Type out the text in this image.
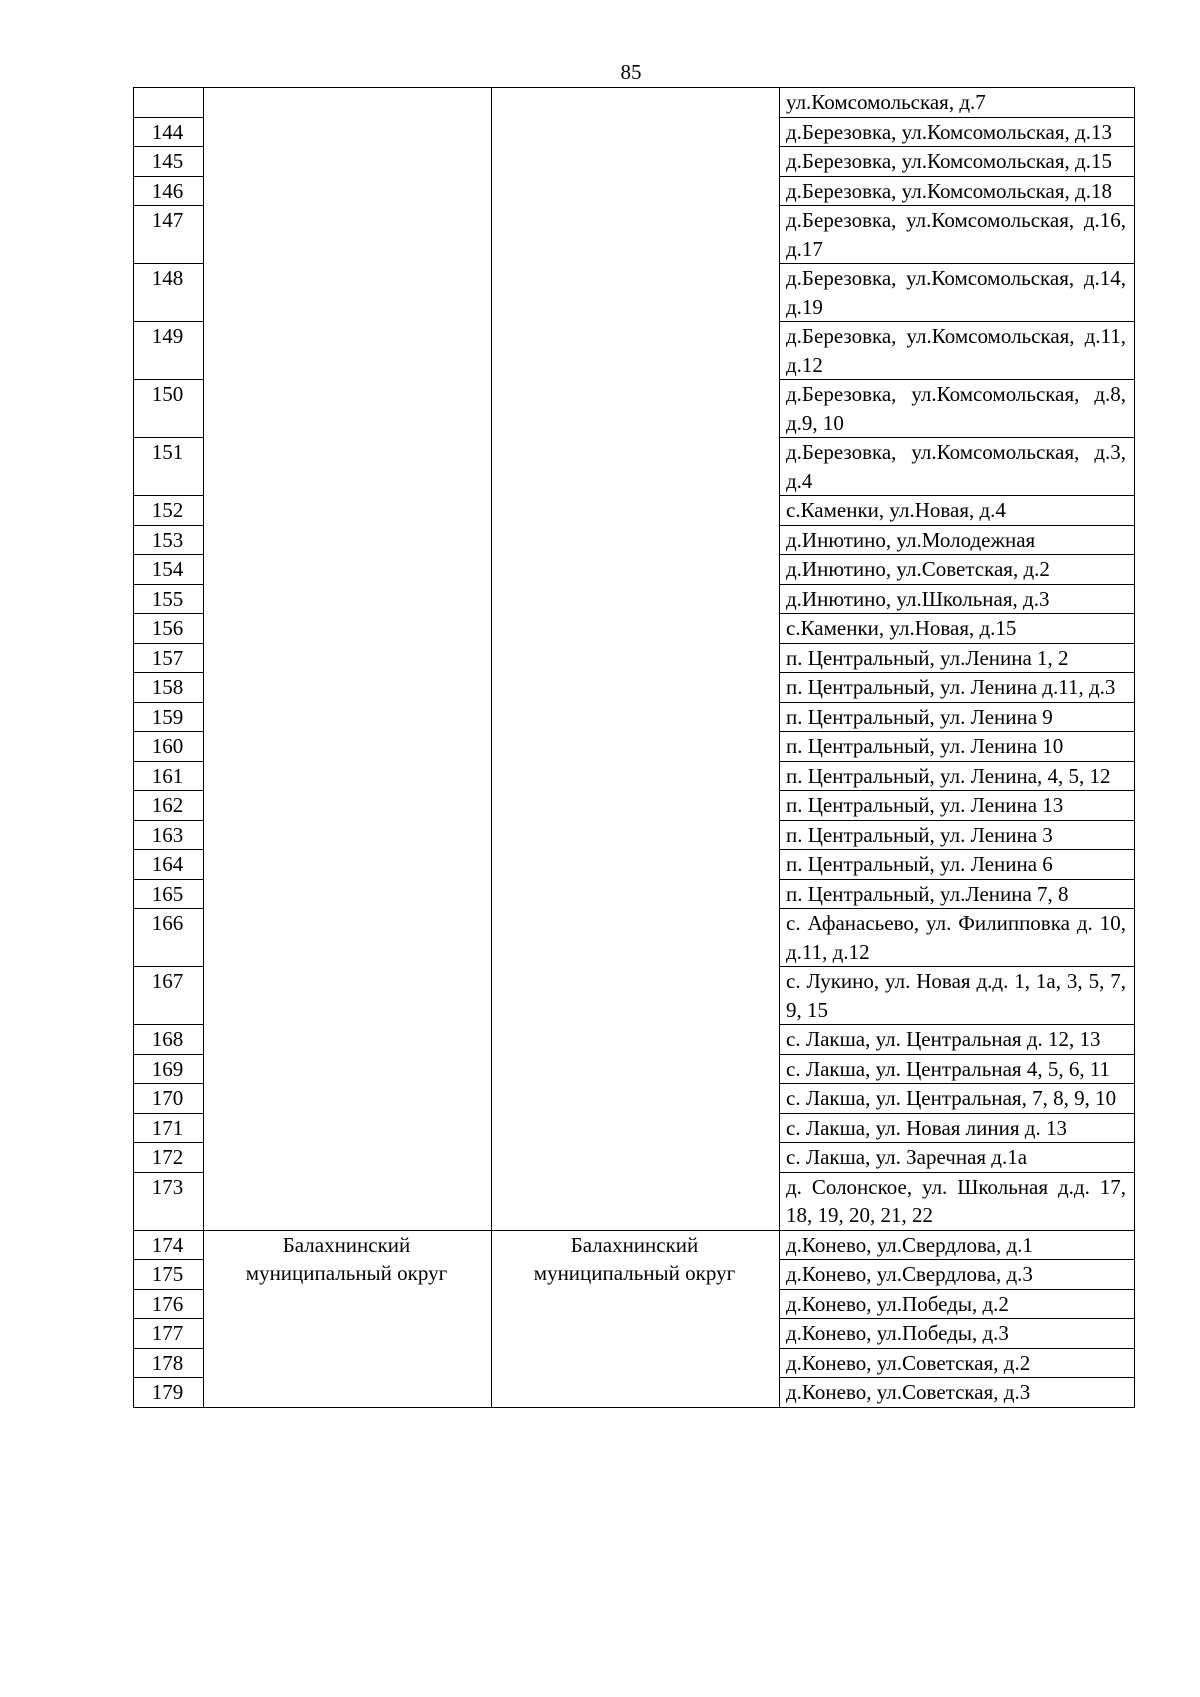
85
			ул.Комсомольская, д.7
144			д.Березовка, ул.Комсомольская, д.13
145			д.Березовка, ул.Комсомольская, д.15
146			д.Березовка, ул.Комсомольская, д.18
147			д.Березовка, ул.Комсомольская, д.16, д.17
148			д.Березовка, ул.Комсомольская, д.14, д.19
149			д.Березовка, ул.Комсомольская, д.11, д.12
150			д.Березовка, ул.Комсомольская, д.8, д.9, 10
151			д.Березовка, ул.Комсомольская, д.3, д.4
152			с.Каменки, ул.Новая, д.4
153			д.Инютино, ул.Молодежная
154			д.Инютино, ул.Советская, д.2
155			д.Инютино, ул.Школьная, д.3
156			с.Каменки, ул.Новая, д.15
157			п. Центральный, ул.Ленина 1, 2
158			п. Центральный, ул. Ленина д.11, д.3
159			п. Центральный, ул. Ленина 9
160			п. Центральный, ул. Ленина 10
161			п. Центральный, ул. Ленина, 4, 5, 12
162			п. Центральный, ул. Ленина 13
163			п. Центральный, ул. Ленина 3
164			п. Центральный, ул. Ленина 6
165			п. Центральный, ул.Ленина 7, 8
166			с. Афанасьево, ул. Филипповка д. 10, д.11, д.12
167			с. Лукино, ул. Новая д.д. 1, 1а, 3, 5, 7, 9, 15
168			с. Лакша, ул. Центральная д. 12, 13
169			с. Лакша, ул. Центральная 4, 5, 6, 11
170			с. Лакша, ул. Центральная, 7, 8, 9, 10
171			с. Лакша, ул. Новая линия д. 13
172			с. Лакша, ул. Заречная д.1а
173			д. Солонское, ул. Школьная д.д. 17, 18, 19, 20, 21, 22
174	Балахнинский муниципальный округ	Балахнинский муниципальный округ	д.Конево, ул.Свердлова, д.1
175			д.Конево, ул.Свердлова, д.3
176			д.Конево, ул.Победы, д.2
177			д.Конево, ул.Победы, д.3
178			д.Конево, ул.Советская, д.2
179			д.Конево, ул.Советская, д.3
